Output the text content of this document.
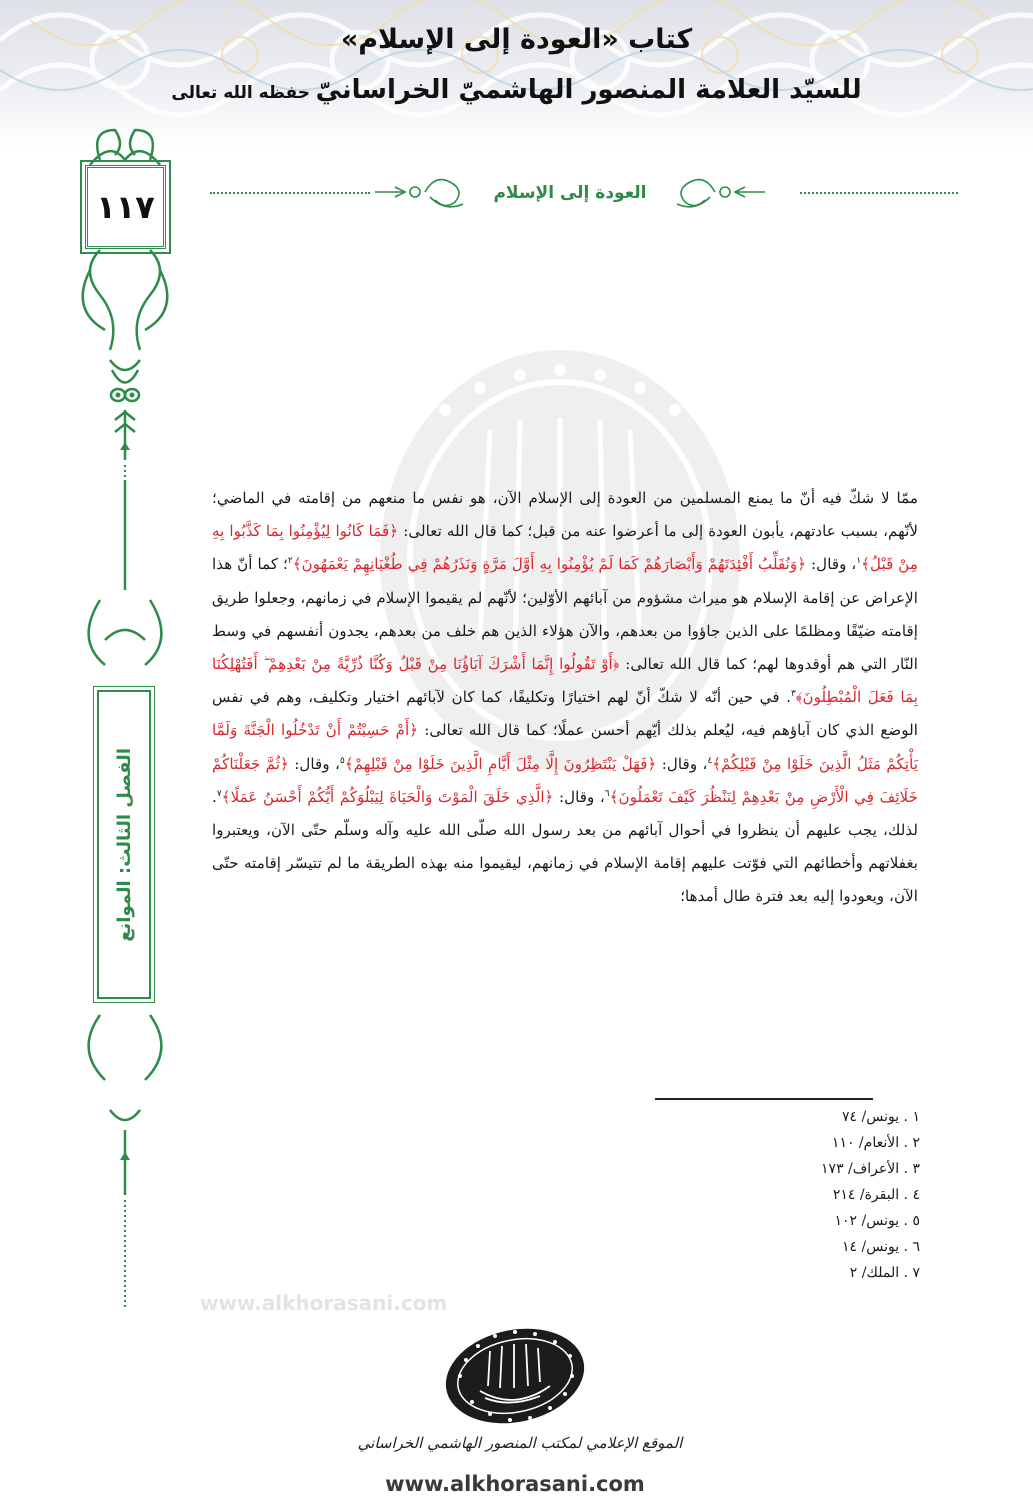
كتاب «العودة إلى الإسلام»
للسيّد العلامة المنصور الهاشميّ الخراسانيّ حفظه الله تعالى
www.alkhorasani.com
١١٧
الفصل الثالث: الموانع
العودة إلى الإسلام
ممّا لا شكّ فيه أنّ ما يمنع المسلمين من العودة إلى الإسلام الآن، هو نفس ما منعهم من إقامته في الماضي؛ لأنّهم، بسبب عادتهم، يأبون العودة إلى ما أعرضوا عنه من قبل؛ كما قال الله تعالى: ﴿فَمَا كَانُوا لِيُؤْمِنُوا بِمَا كَذَّبُوا بِهِ مِنْ قَبْلُ﴾$^١$، وقال: ﴿وَنُقَلِّبُ أَفْئِدَتَهُمْ وَأَبْصَارَهُمْ كَمَا لَمْ يُؤْمِنُوا بِهِ أَوَّلَ مَرَّةٍ وَنَذَرُهُمْ فِي طُغْيَانِهِمْ يَعْمَهُونَ﴾$^٢$؛ كما أنّ هذا الإعراض عن إقامة الإسلام هو ميراث مشؤوم من آبائهم الأوّلين؛ لأنّهم لم يقيموا الإسلام في زمانهم، وجعلوا طريق إقامته ضيّقًا ومظلمًا على الذين جاؤوا من بعدهم، والآن هؤلاء الذين هم خلف من بعدهم، يجدون أنفسهم في وسط النّار التي هم أوقدوها لهم؛ كما قال الله تعالى: ﴿أَوْ تَقُولُوا إِنَّمَا أَشْرَكَ آبَاؤُنَا مِنْ قَبْلُ وَكُنَّا ذُرِّيَّةً مِنْ بَعْدِهِمْ ۖ أَفَتُهْلِكُنَا بِمَا فَعَلَ الْمُبْطِلُونَ﴾$^٣$. في حين أنّه لا شكّ أنّ لهم اختيارًا وتكليفًا، كما كان لآبائهم اختيار وتكليف، وهم في نفس الوضع الذي كان آباؤهم فيه، ليُعلم بذلك أيّهم أحسن عملًا؛ كما قال الله تعالى: ﴿أَمْ حَسِبْتُمْ أَنْ تَدْخُلُوا الْجَنَّةَ وَلَمَّا يَأْتِكُمْ مَثَلُ الَّذِينَ خَلَوْا مِنْ قَبْلِكُمْ﴾$^٤$، وقال: ﴿فَهَلْ يَنْتَظِرُونَ إِلَّا مِثْلَ أَيَّامِ الَّذِينَ خَلَوْا مِنْ قَبْلِهِمْ﴾$^٥$، وقال: ﴿ثُمَّ جَعَلْنَاكُمْ خَلَائِفَ فِي الْأَرْضِ مِنْ بَعْدِهِمْ لِنَنْظُرَ كَيْفَ تَعْمَلُونَ﴾$^٦$، وقال: ﴿الَّذِي خَلَقَ الْمَوْتَ وَالْحَيَاةَ لِيَبْلُوَكُمْ أَيُّكُمْ أَحْسَنُ عَمَلًا﴾$^٧$. لذلك، يجب عليهم أن ينظروا في أحوال آبائهم من بعد رسول الله صلّى الله عليه وآله وسلّم حتّى الآن، ويعتبروا بغفلاتهم وأخطائهم التي فوّتت عليهم إقامة الإسلام في زمانهم، ليقيموا منه بهذه الطريقة ما لم تتيسّر إقامته حتّى الآن، ويعودوا إليه بعد فترة طال أمدها؛
١ . يونس/ ٧٤
٢ . الأنعام/ ١١٠
٣ . الأعراف/ ١٧٣
٤ . البقرة/ ٢١٤
٥ . يونس/ ١٠٢
٦ . يونس/ ١٤
٧ . الملك/ ٢
الموقع الإعلامي لمكتب المنصور الهاشمي الخراساني
www.alkhorasani.com
